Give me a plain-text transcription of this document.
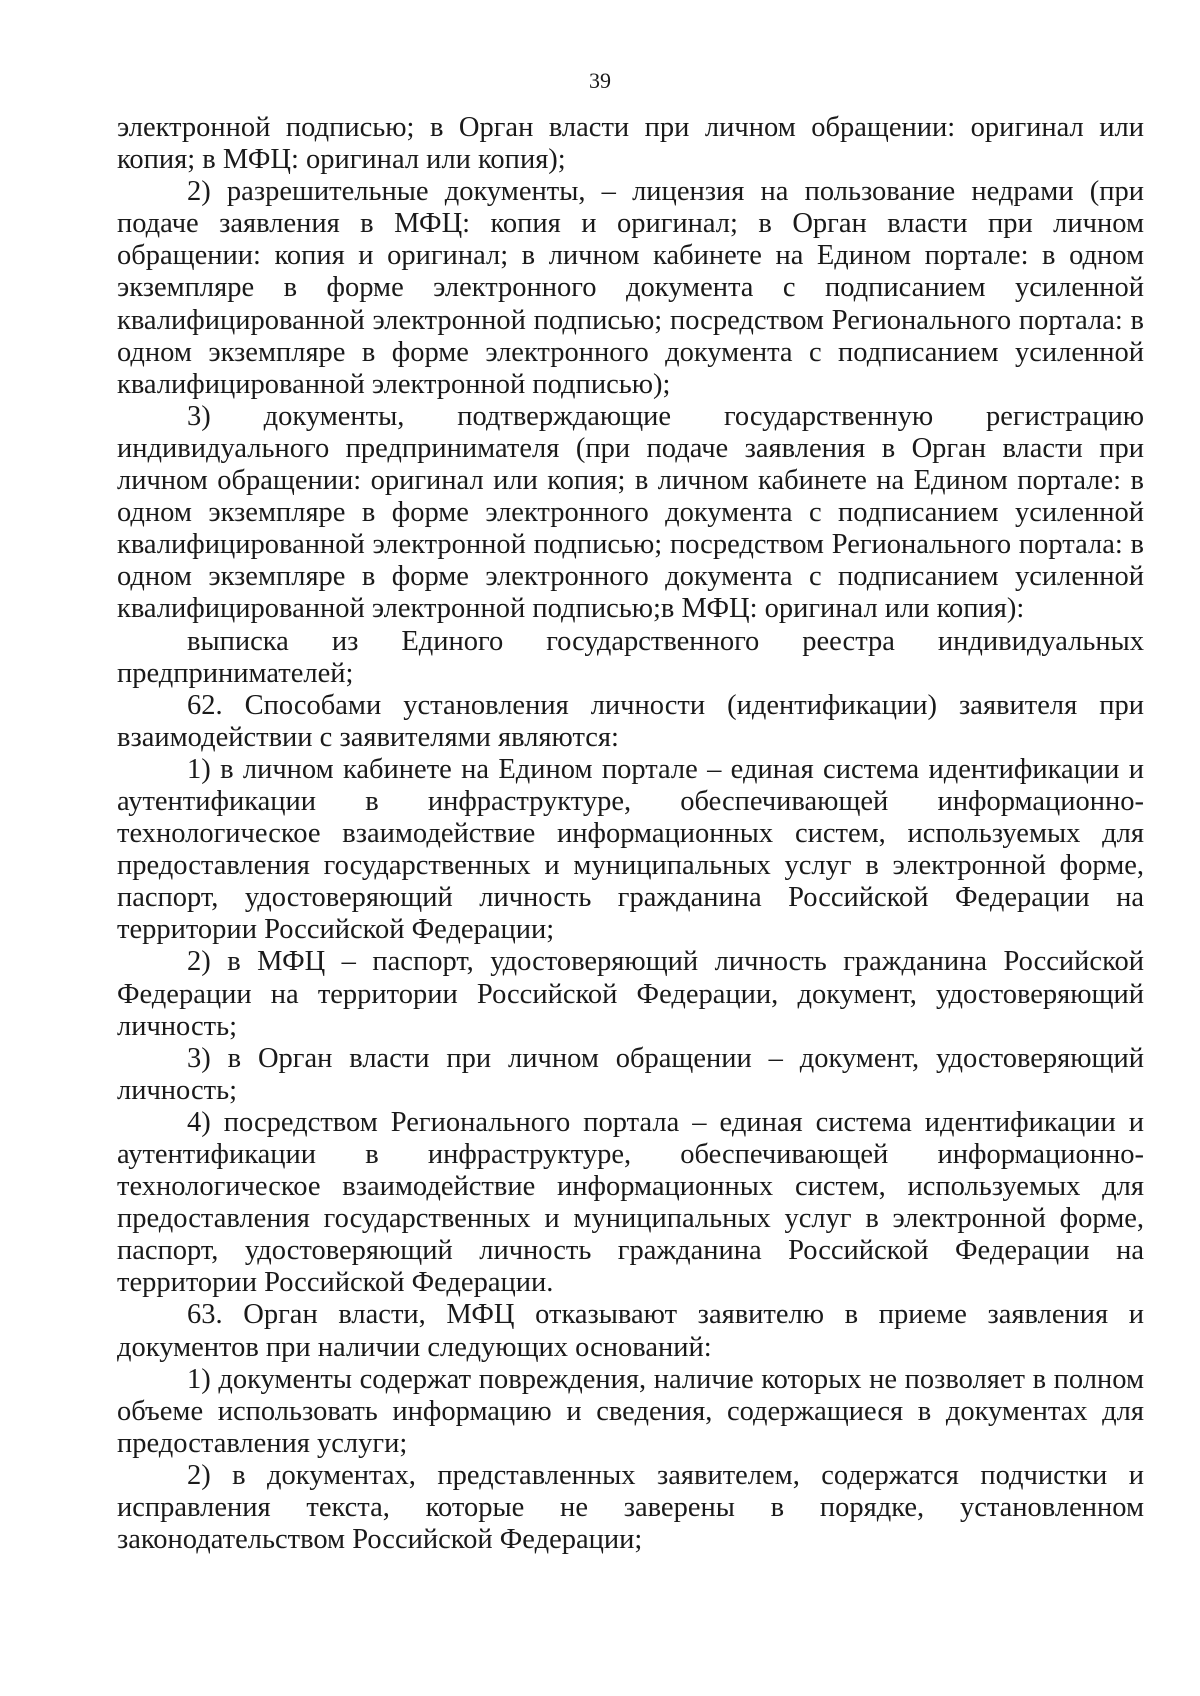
39

электронной подписью; в Орган власти при личном обращении: оригинал или копия; в МФЦ: оригинал или копия);

2) разрешительные документы, – лицензия на пользование недрами (при подаче заявления в МФЦ: копия и оригинал; в Орган власти при личном обращении: копия и оригинал; в личном кабинете на Едином портале: в одном экземпляре в форме электронного документа с подписанием усиленной квалифицированной электронной подписью; посредством Регионального портала: в одном экземпляре в форме электронного документа с подписанием усиленной квалифицированной электронной подписью);

3) документы, подтверждающие государственную регистрацию индивидуального предпринимателя (при подаче заявления в Орган власти при личном обращении: оригинал или копия; в личном кабинете на Едином портале: в одном экземпляре в форме электронного документа с подписанием усиленной квалифицированной электронной подписью; посредством Регионального портала: в одном экземпляре в форме электронного документа с подписанием усиленной квалифицированной электронной подписью;в МФЦ: оригинал или копия):

выписка из Единого государственного реестра индивидуальных предпринимателей;

62. Способами установления личности (идентификации) заявителя при взаимодействии с заявителями являются:

1) в личном кабинете на Едином портале – единая система идентификации и аутентификации в инфраструктуре, обеспечивающей информационно-технологическое взаимодействие информационных систем, используемых для предоставления государственных и муниципальных услуг в электронной форме, паспорт, удостоверяющий личность гражданина Российской Федерации на территории Российской Федерации;

2) в МФЦ – паспорт, удостоверяющий личность гражданина Российской Федерации на территории Российской Федерации, документ, удостоверяющий личность;

3) в Орган власти при личном обращении – документ, удостоверяющий личность;

4) посредством Регионального портала – единая система идентификации и аутентификации в инфраструктуре, обеспечивающей информационно-технологическое взаимодействие информационных систем, используемых для предоставления государственных и муниципальных услуг в электронной форме, паспорт, удостоверяющий личность гражданина Российской Федерации на территории Российской Федерации.

63. Орган власти, МФЦ отказывают заявителю в приеме заявления и документов при наличии следующих оснований:

1) документы содержат повреждения, наличие которых не позволяет в полном объеме использовать информацию и сведения, содержащиеся в документах для предоставления услуги;

2) в документах, представленных заявителем, содержатся подчистки и исправления текста, которые не заверены в порядке, установленном законодательством Российской Федерации;
